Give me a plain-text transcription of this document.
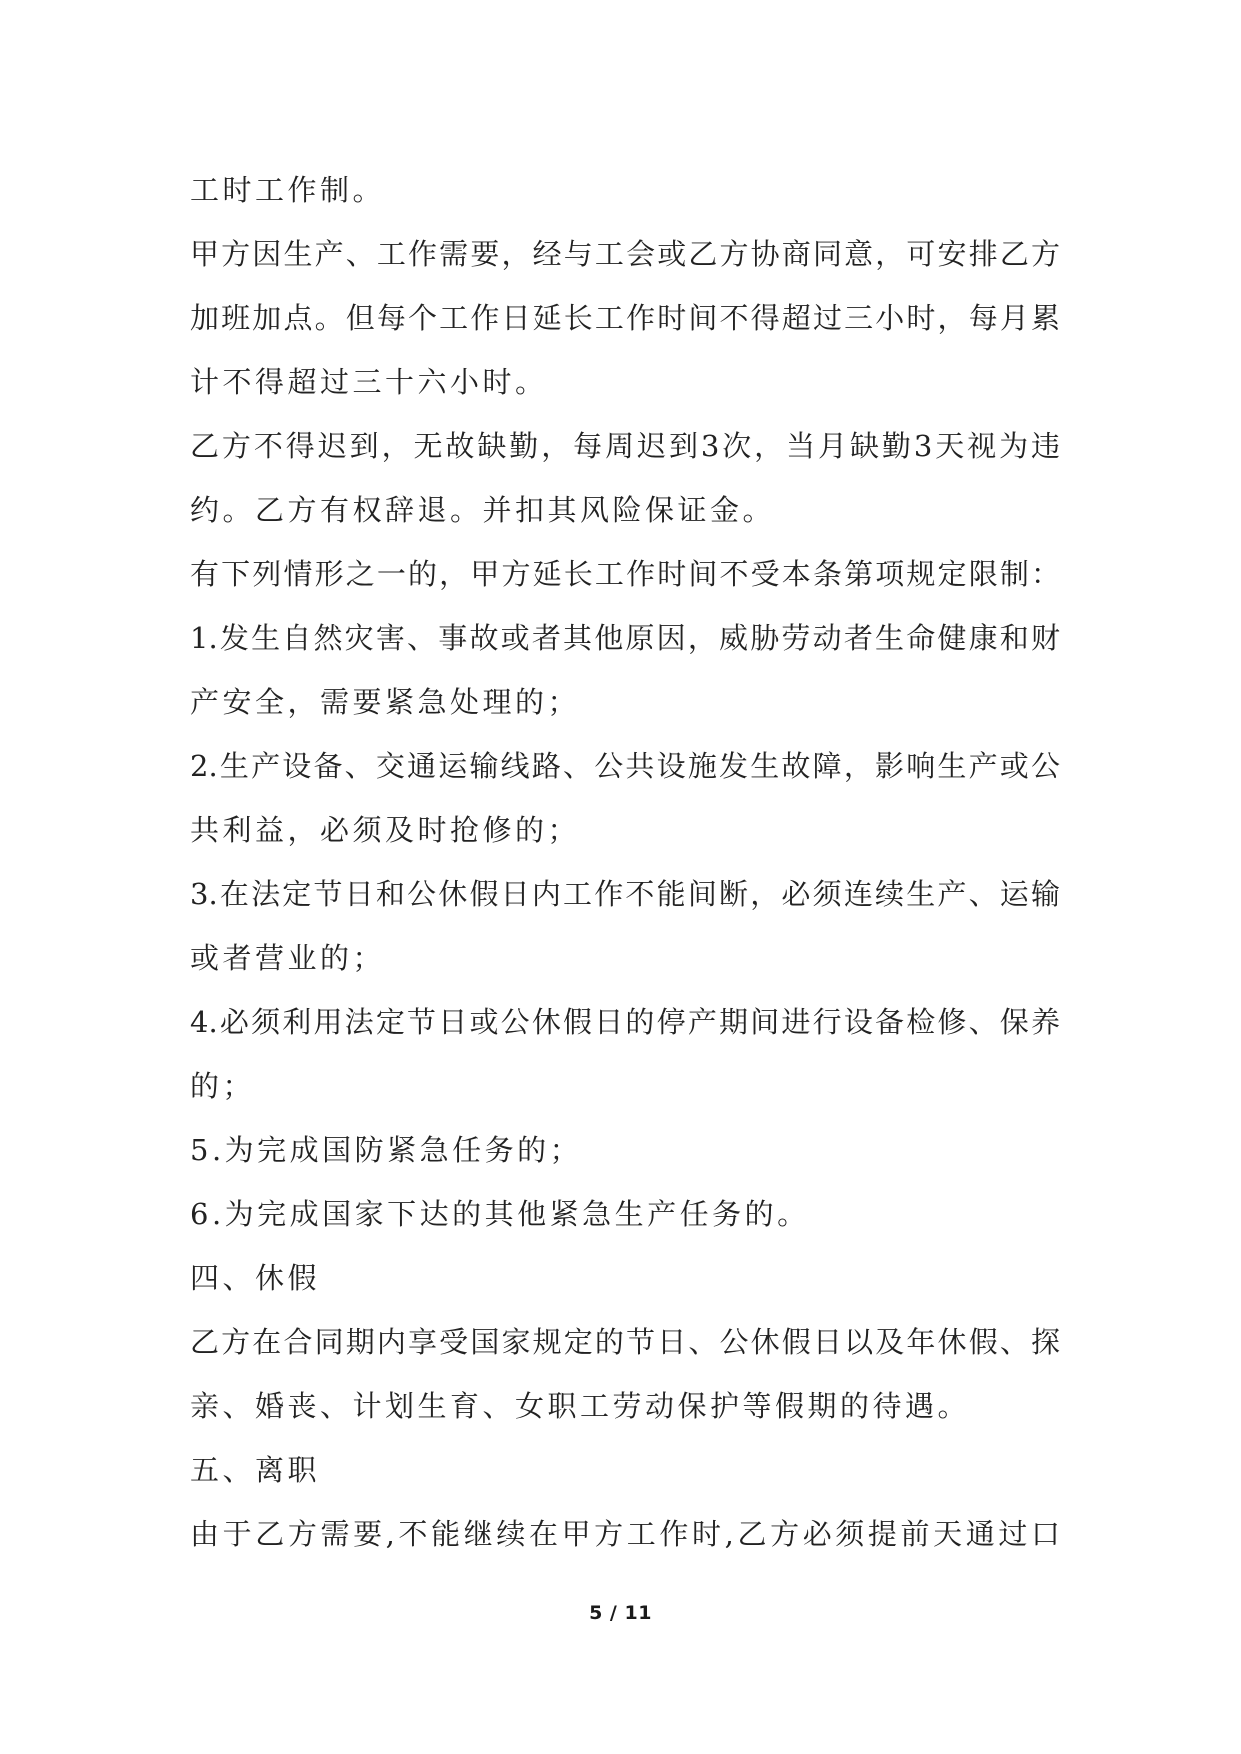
工时工作制。
甲方因生产、工作需要，经与工会或乙方协商同意，可安排乙方
加班加点。但每个工作日延长工作时间不得超过三小时，每月累
计不得超过三十六小时。
乙方不得迟到，无故缺勤，每周迟到3次，当月缺勤3天视为违
约。乙方有权辞退。并扣其风险保证金。
有下列情形之一的，甲方延长工作时间不受本条第项规定限制：
1.发生自然灾害、事故或者其他原因，威胁劳动者生命健康和财
产安全，需要紧急处理的；
2.生产设备、交通运输线路、公共设施发生故障，影响生产或公
共利益，必须及时抢修的；
3.在法定节日和公休假日内工作不能间断，必须连续生产、运输
或者营业的；
4.必须利用法定节日或公休假日的停产期间进行设备检修、保养
的；
5.为完成国防紧急任务的；
6.为完成国家下达的其他紧急生产任务的。
四、休假
乙方在合同期内享受国家规定的节日、公休假日以及年休假、探
亲、婚丧、计划生育、女职工劳动保护等假期的待遇。
五、离职
由于乙方需要,不能继续在甲方工作时,乙方必须提前天通过口
5 / 11
